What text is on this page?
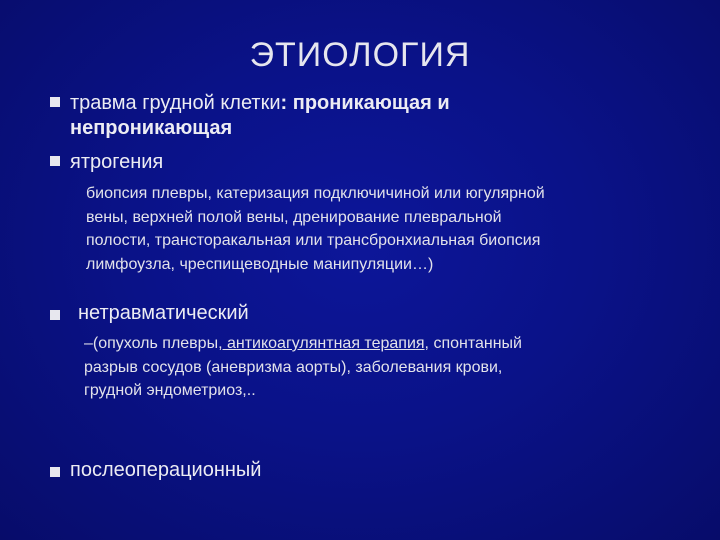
ЭТИОЛОГИЯ
травма грудной клетки: проникающая и
непроникающая
ятрогения
биопсия плевры, катеризация подключичиной или югулярной
вены, верхней полой вены, дренирование плевральной
полости, трансторакальная или трансбронхиальная биопсия
лимфоузла, чреспищеводные манипуляции…)
нетравматический
–(опухоль плевры, антикоагулянтная терапия, спонтанный
разрыв сосудов (аневризма аорты), заболевания крови,
грудной эндометриоз,..
послеоперационный
